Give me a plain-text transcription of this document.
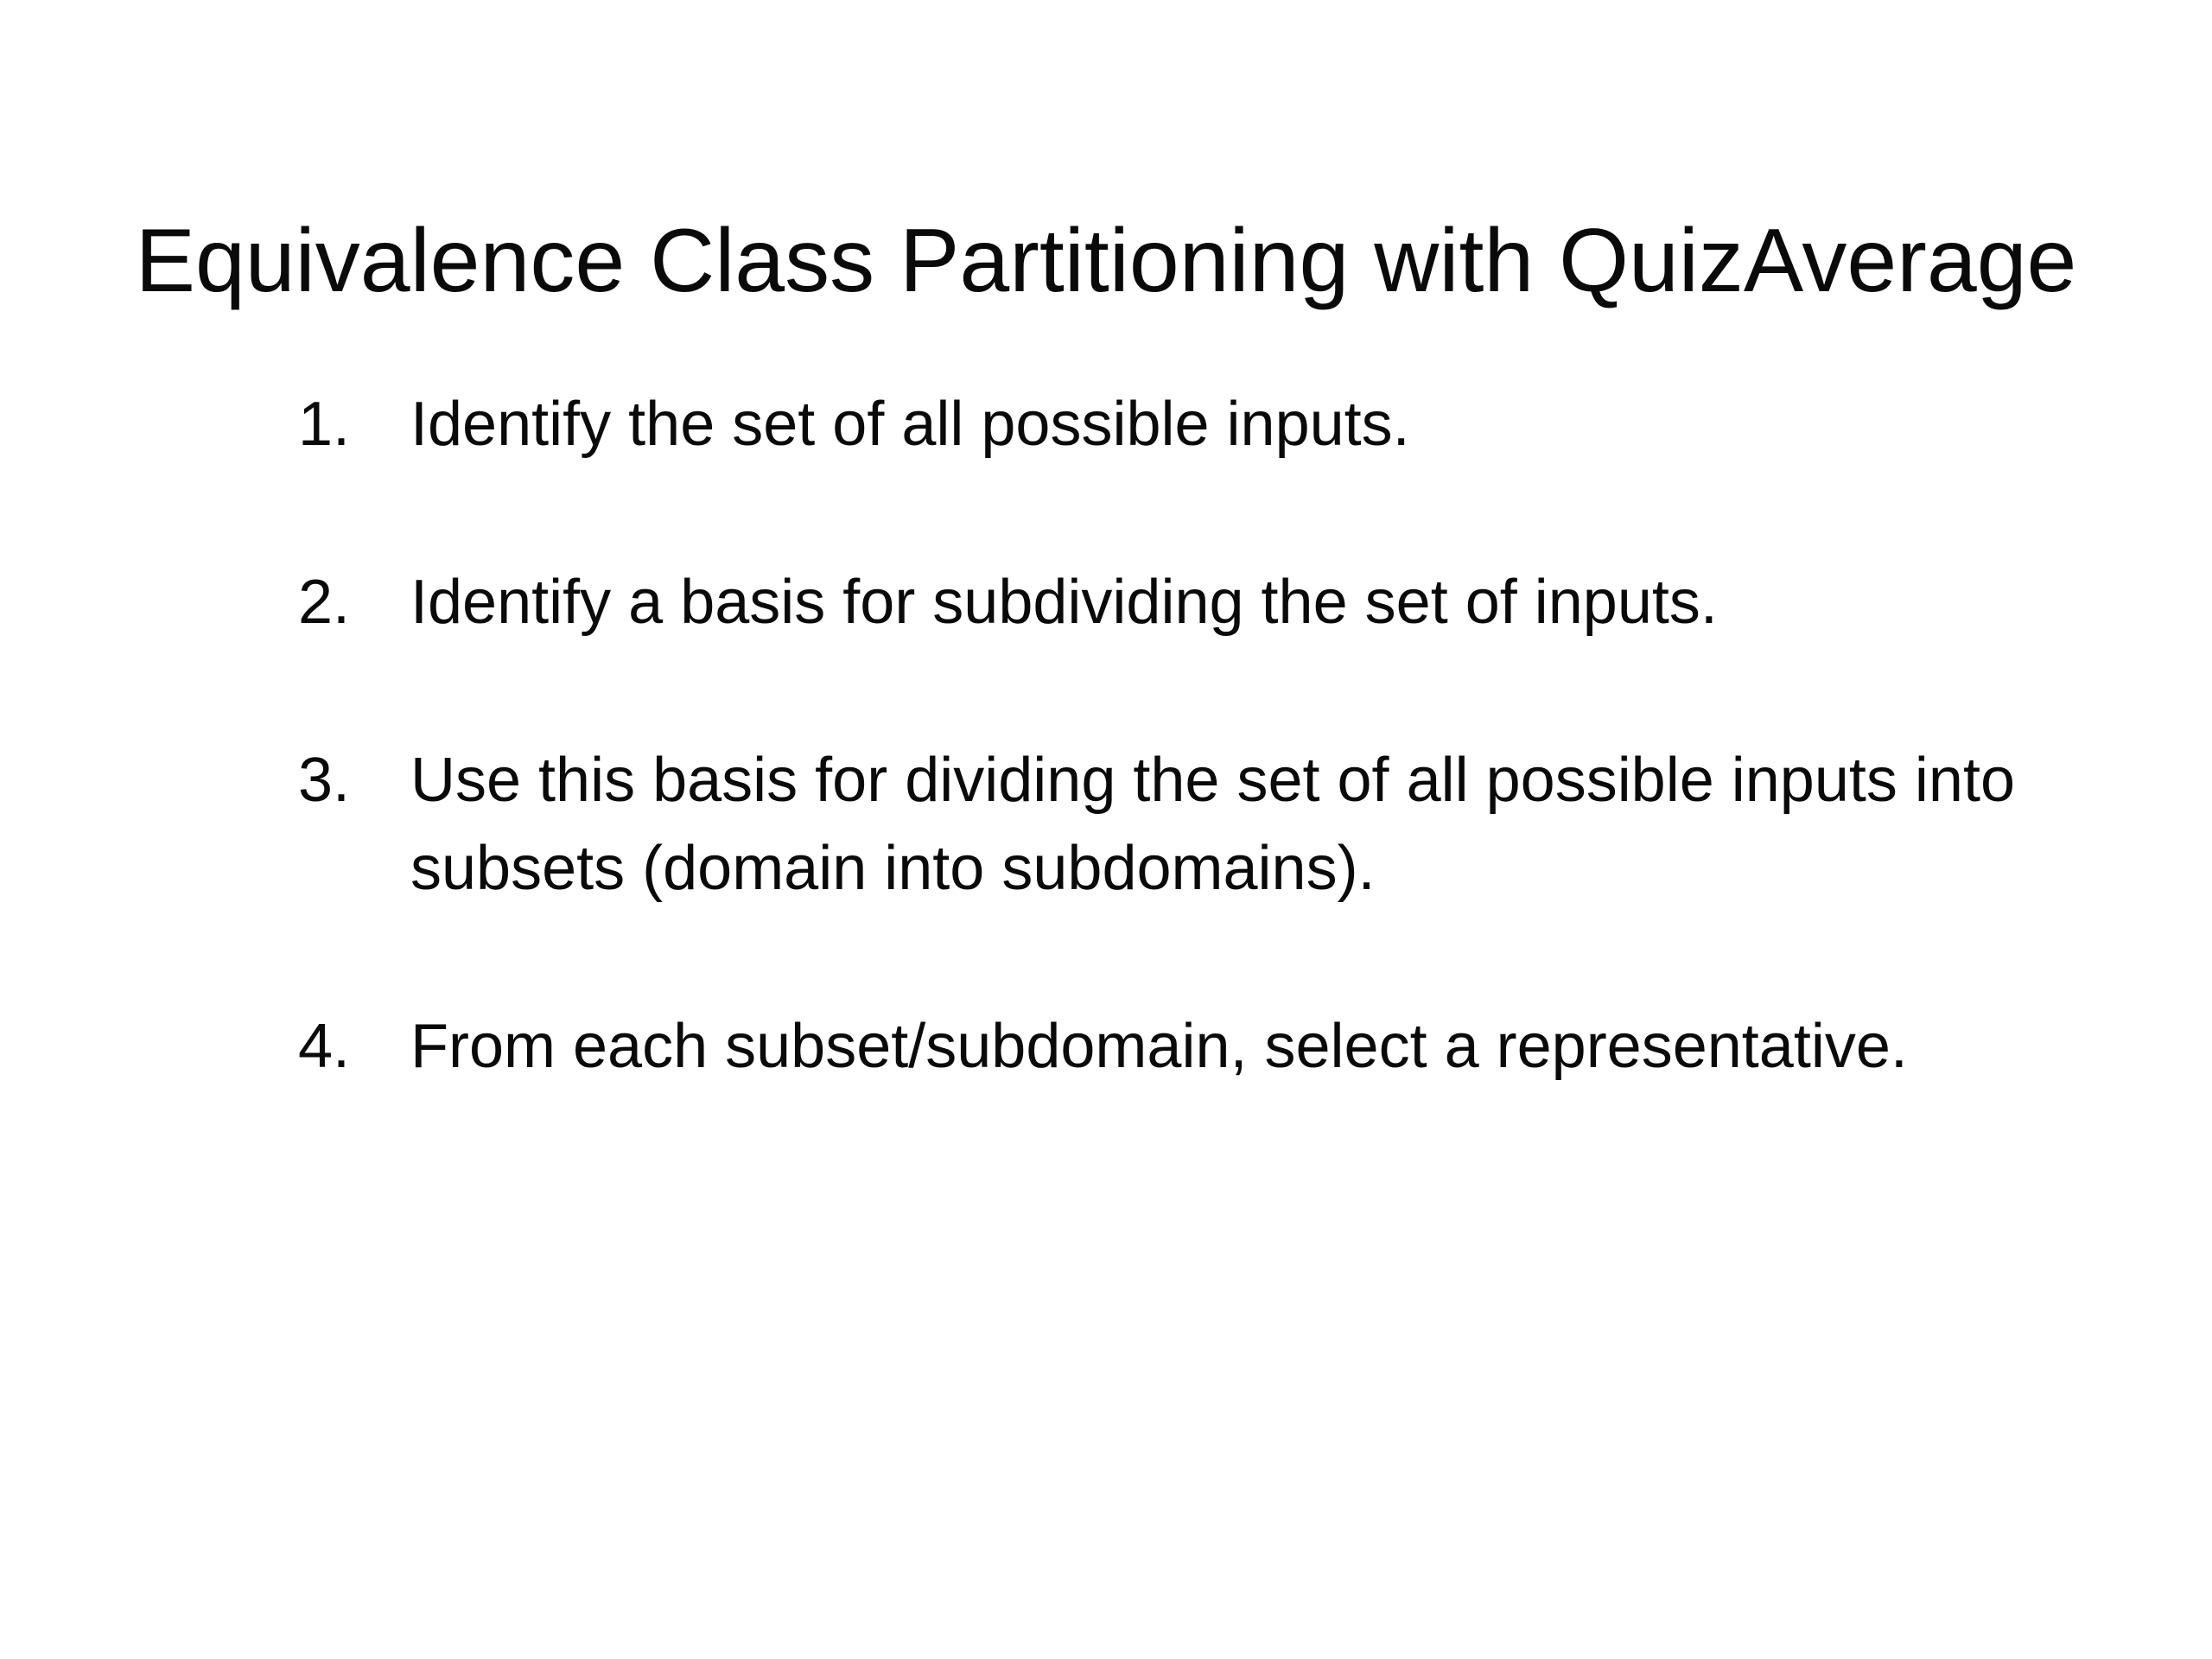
Equivalence Class Partitioning with QuizAverage
1. Identify the set of all possible inputs.
2. Identify a basis for subdividing the set of inputs.
3. Use this basis for dividing the set of all possible inputs into subsets (domain into subdomains).
4. From each subset/subdomain, select a representative.
